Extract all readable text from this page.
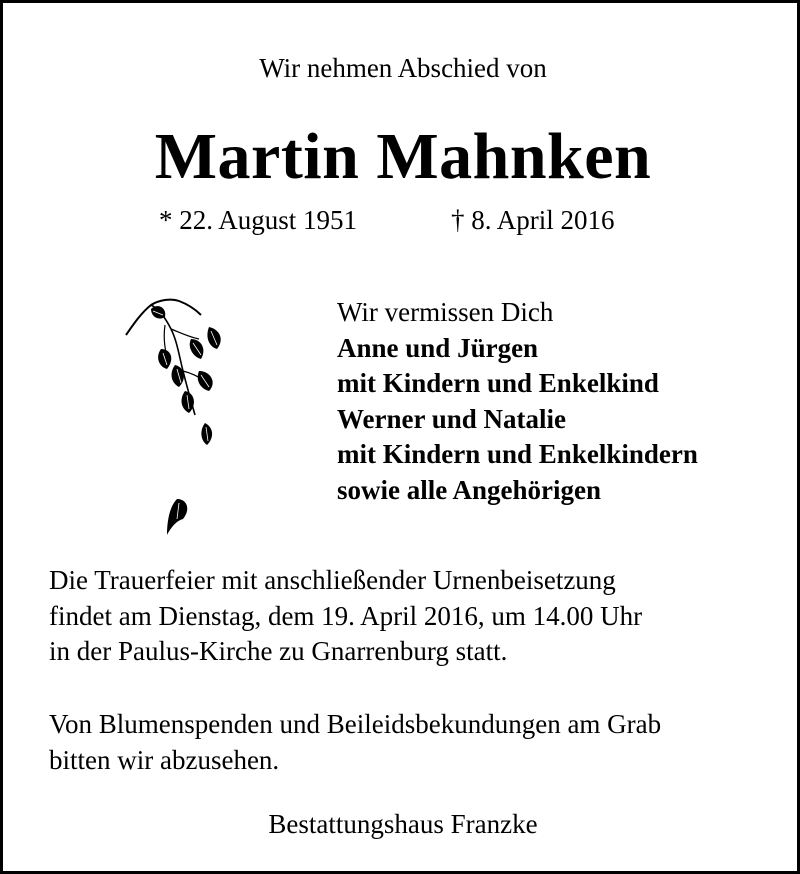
Wir nehmen Abschied von
Martin Mahnken
* 22. August 1951	† 8. April 2016
Wir vermissen Dich
Anne und Jürgen
mit Kindern und Enkelkind
Werner und Natalie
mit Kindern und Enkelkindern
sowie alle Angehörigen
Die Trauerfeier mit anschließender Urnenbeisetzung
findet am Dienstag, dem 19. April 2016, um 14.00 Uhr
in der Paulus-Kirche zu Gnarrenburg statt.
Von Blumenspenden und Beileidsbekundungen am Grab
bitten wir abzusehen.
Bestattungshaus Franzke
